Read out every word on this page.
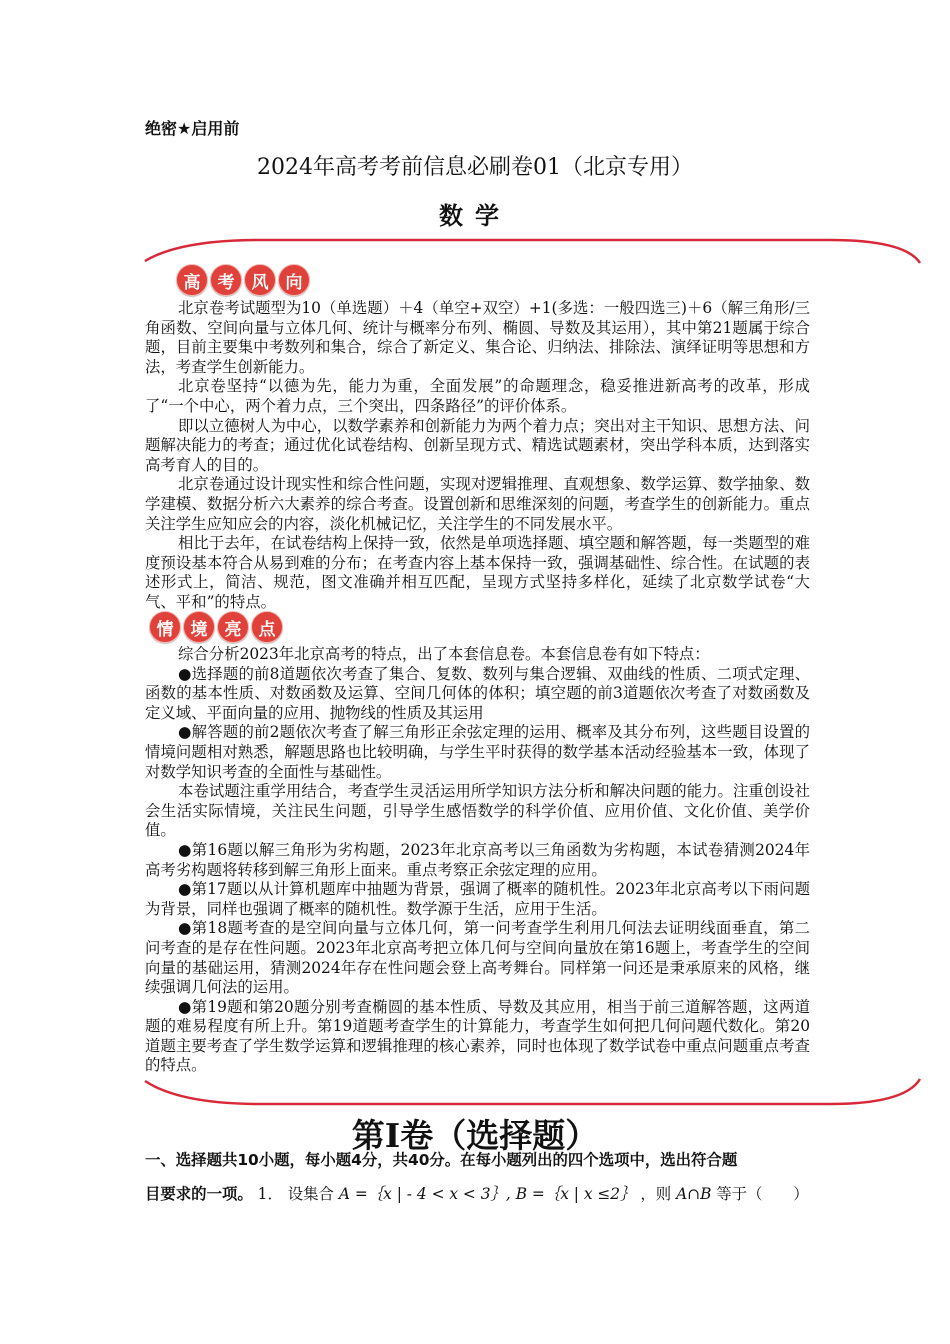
绝密★启用前
2024年高考考前信息必刷卷01（北京专用）
数学
高	考	风	向

北京卷考试题型为10（单选题）＋4（单空+双空）+1(多选：一般四选三)＋6（解三角形/三角函数、空间向量与立体几何、统计与概率分布列、椭圆、导数及其运用），其中第21题属于综合题，目前主要集中考数列和集合，综合了新定义、集合论、归纳法、排除法、演绎证明等思想和方法，考查学生创新能力。

北京卷坚持“以德为先，能力为重，全面发展”的命题理念，稳妥推进新高考的改革，形成了“一个中心，两个着力点，三个突出，四条路径”的评价体系。

即以立德树人为中心，以数学素养和创新能力为两个着力点；突出对主干知识、思想方法、问题解决能力的考查；通过优化试卷结构、创新呈现方式、精选试题素材，突出学科本质，达到落实高考育人的目的。

北京卷通过设计现实性和综合性问题，实现对逻辑推理、直观想象、数学运算、数学抽象、数学建模、数据分析六大素养的综合考查。设置创新和思维深刻的问题，考查学生的创新能力。重点关注学生应知应会的内容，淡化机械记忆，关注学生的不同发展水平。

相比于去年，在试卷结构上保持一致，依然是单项选择题、填空题和解答题，每一类题型的难度预设基本符合从易到难的分布；在考查内容上基本保持一致，强调基础性、综合性。在试题的表述形式上，简洁、规范，图文准确并相互匹配，呈现方式坚持多样化，延续了北京数学试卷“大气、平和”的特点。

情	境	亮	点

综合分析2023年北京高考的特点，出了本套信息卷。本套信息卷有如下特点：

●选择题的前8道题依次考查了集合、复数、数列与集合逻辑、双曲线的性质、二项式定理、函数的基本性质、对数函数及运算、空间几何体的体积；填空题的前3道题依次考查了对数函数及定义域、平面向量的应用、抛物线的性质及其运用

●解答题的前2题依次考查了解三角形正余弦定理的运用、概率及其分布列，这些题目设置的情境问题相对熟悉，解题思路也比较明确，与学生平时获得的数学基本活动经验基本一致，体现了对数学知识考查的全面性与基础性。

本卷试题注重学用结合，考查学生灵活运用所学知识方法分析和解决问题的能力。注重创设社会生活实际情境，关注民生问题，引导学生感悟数学的科学价值、应用价值、文化价值、美学价值。

●第16题以解三角形为劣构题，2023年北京高考以三角函数为劣构题，本试卷猜测2024年高考劣构题将转移到解三角形上面来。重点考察正余弦定理的应用。

●第17题以从计算机题库中抽题为背景，强调了概率的随机性。2023年北京高考以下雨问题为背景，同样也强调了概率的随机性。数学源于生活，应用于生活。

●第18题考查的是空间向量与立体几何，第一问考查学生利用几何法去证明线面垂直，第二问考查的是存在性问题。2023年北京高考把立体几何与空间向量放在第16题上，考查学生的空间向量的基础运用，猜测2024年存在性问题会登上高考舞台。同样第一问还是秉承原来的风格，继续强调几何法的运用。

●第19题和第20题分别考查椭圆的基本性质、导数及其应用，相当于前三道解答题，这两道题的难易程度有所上升。第19道题考查学生的计算能力，考查学生如何把几何问题代数化。第20道题主要考查了学生数学运算和逻辑推理的核心素养，同时也体现了数学试卷中重点问题重点考查的特点。

第Ⅰ卷（选择题）
一、选择题共10小题，每小题4分，共40分。在每小题列出的四个选项中，选出符合题
目要求的一项。 1． 设集合 A =｛x | - 4 < x < 3｝, B =｛x | x ≤2｝ ，则 A∩B 等于（　　）
